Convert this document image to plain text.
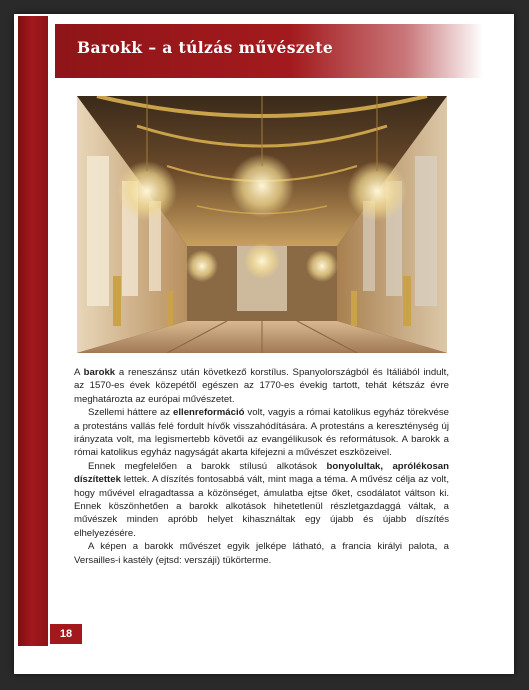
Barokk – a túlzás művészete

A barokk a reneszánsz után következő korstílus. Spanyolországból és Itáliából indult, az 1570-es évek közepétől egészen az 1770-es évekig tartott, tehát kétszáz évre meghatározta az európai művészetet.

Szellemi háttere az ellenreformáció volt, vagyis a római katolikus egyház törekvése a protestáns vallás felé fordult hívők visszahódítására. A protestáns a kereszténység új irányzata volt, ma legismertebb követői az evangélikusok és reformátusok. A barokk a római katolikus egyház nagyságát akarta kifejezni a művészet eszközeivel.

Ennek megfelelően a barokk stílusú alkotások bonyolultak, aprólékosan díszítettek lettek. A díszítés fontosabbá vált, mint maga a téma. A művész célja az volt, hogy művével elragadtassa a közönséget, ámulatba ejtse őket, csodálatot váltson ki. Ennek köszönhetően a barokk alkotások hihetetlenül részletgazdaggá váltak, a művészek minden apróbb helyet kihasználtak egy újabb és újabb díszítés elhelyezésére.

A képen a barokk művészet egyik jelképe látható, a francia királyi palota, a Versailles-i kastély (ejtsd: verszáji) tükörterme.

18
